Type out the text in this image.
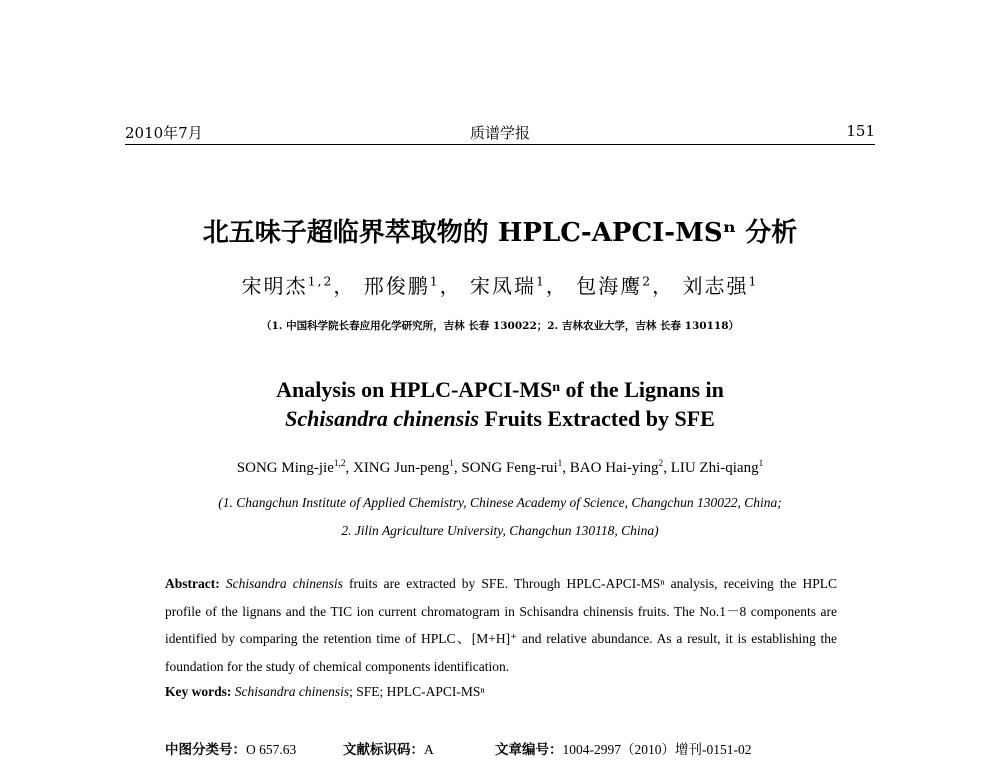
2010年7月	质谱学报	151
北五味子超临界萃取物的 HPLC-APCI-MSⁿ 分析
宋明杰$^{1,2}$， 邢俊鹏$^1$， 宋凤瑞$^1$， 包海鹰$^2$， 刘志强$^1$
（1. 中国科学院长春应用化学研究所，吉林 长春 130022；2. 吉林农业大学，吉林 长春 130118）
Analysis on HPLC-APCI-MSⁿ of the Lignans in
Schisandra chinensis Fruits Extracted by SFE
SONG Ming-jie$^{1,2}$, XING Jun-peng$^1$, SONG Feng-rui$^1$, BAO Hai-ying$^2$, LIU Zhi-qiang$^1$
(1. Changchun Institute of Applied Chemistry, Chinese Academy of Science, Changchun 130022, China;
2. Jilin Agriculture University, Changchun 130118, China)
Abstract: Schisandra chinensis fruits are extracted by SFE. Through HPLC-APCI-MSⁿ analysis, receiving the HPLC profile of the lignans and the TIC ion current chromatogram in Schisandra chinensis fruits. The No.1－8 components are identified by comparing the retention time of HPLC、[M+H]⁺ and relative abundance. As a result, it is establishing the foundation for the study of chemical components identification.
Key words: Schisandra chinensis; SFE; HPLC-APCI-MSⁿ
中图分类号：O 657.63	文献标识码：A	文章编号：1004-2997（2010）增刊-0151-02
